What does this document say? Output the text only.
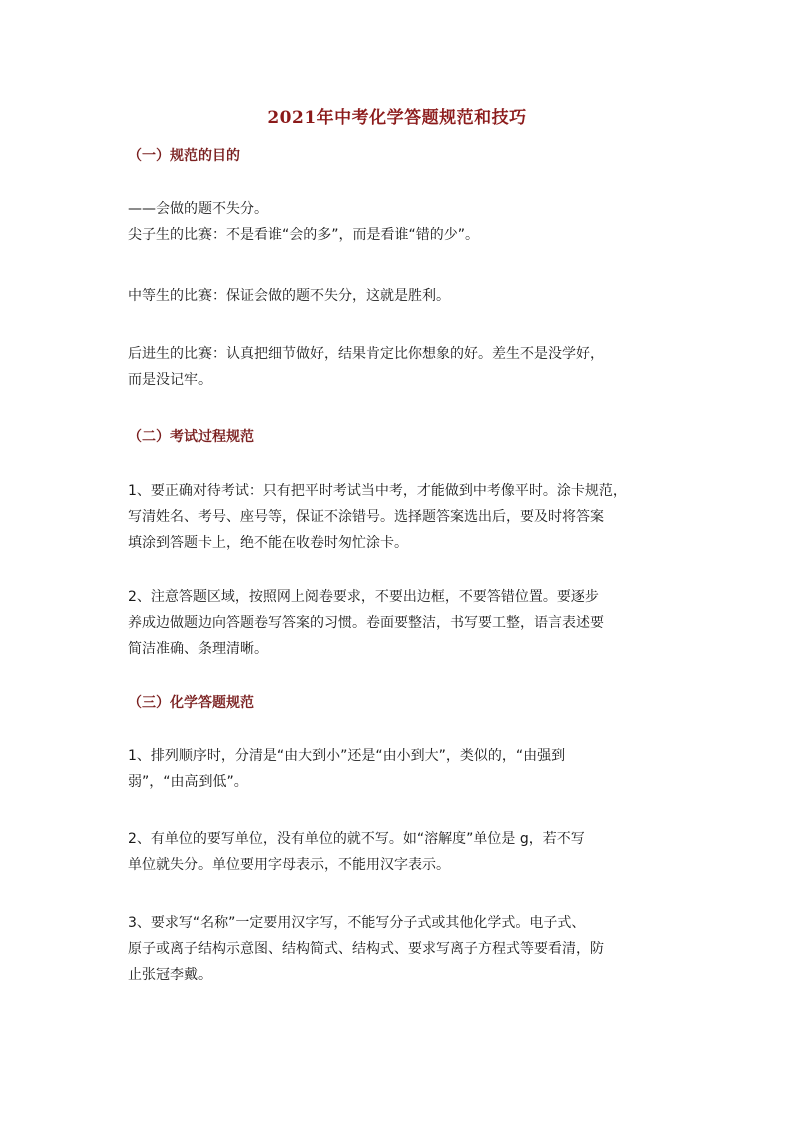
2021年中考化学答题规范和技巧
（一）规范的目的
——会做的题不失分。
尖子生的比赛：不是看谁“会的多”，而是看谁“错的少”。
中等生的比赛：保证会做的题不失分，这就是胜利。
后进生的比赛：认真把细节做好，结果肯定比你想象的好。差生不是没学好，
而是没记牢。
（二）考试过程规范
1、要正确对待考试：只有把平时考试当中考，才能做到中考像平时。涂卡规范，
写清姓名、考号、座号等，保证不涂错号。选择题答案选出后，要及时将答案
填涂到答题卡上，绝不能在收卷时匆忙涂卡。
2、注意答题区域，按照网上阅卷要求，不要出边框，不要答错位置。要逐步
养成边做题边向答题卷写答案的习惯。卷面要整洁，书写要工整，语言表述要
简洁准确、条理清晰。
（三）化学答题规范
1、排列顺序时，分清是“由大到小”还是“由小到大”，类似的，“由强到
弱”，“由高到低”。
2、有单位的要写单位，没有单位的就不写。如“溶解度”单位是 g，若不写
单位就失分。单位要用字母表示，不能用汉字表示。
3、要求写“名称”一定要用汉字写，不能写分子式或其他化学式。电子式、
原子或离子结构示意图、结构简式、结构式、要求写离子方程式等要看清，防
止张冠李戴。
